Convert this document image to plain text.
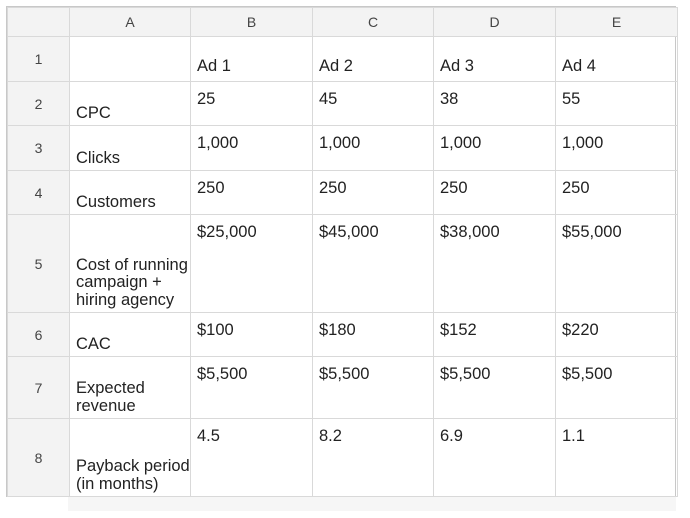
	A	B	C	D	E
1		Ad 1	Ad 2	Ad 3	Ad 4

2	CPC	25	45	38	55
3	Clicks	1,000	1,000	1,000	1,000
4	Customers	250	250	250	250
5	Cost of running campaign + hiring agency	$25,000	$45,000	$38,000	$55,000
6	CAC	$100	$180	$152	$220
7	Expected revenue	$5,500	$5,500	$5,500	$5,500
8	Payback period (in months)	4.5	8.2	6.9	1.1
